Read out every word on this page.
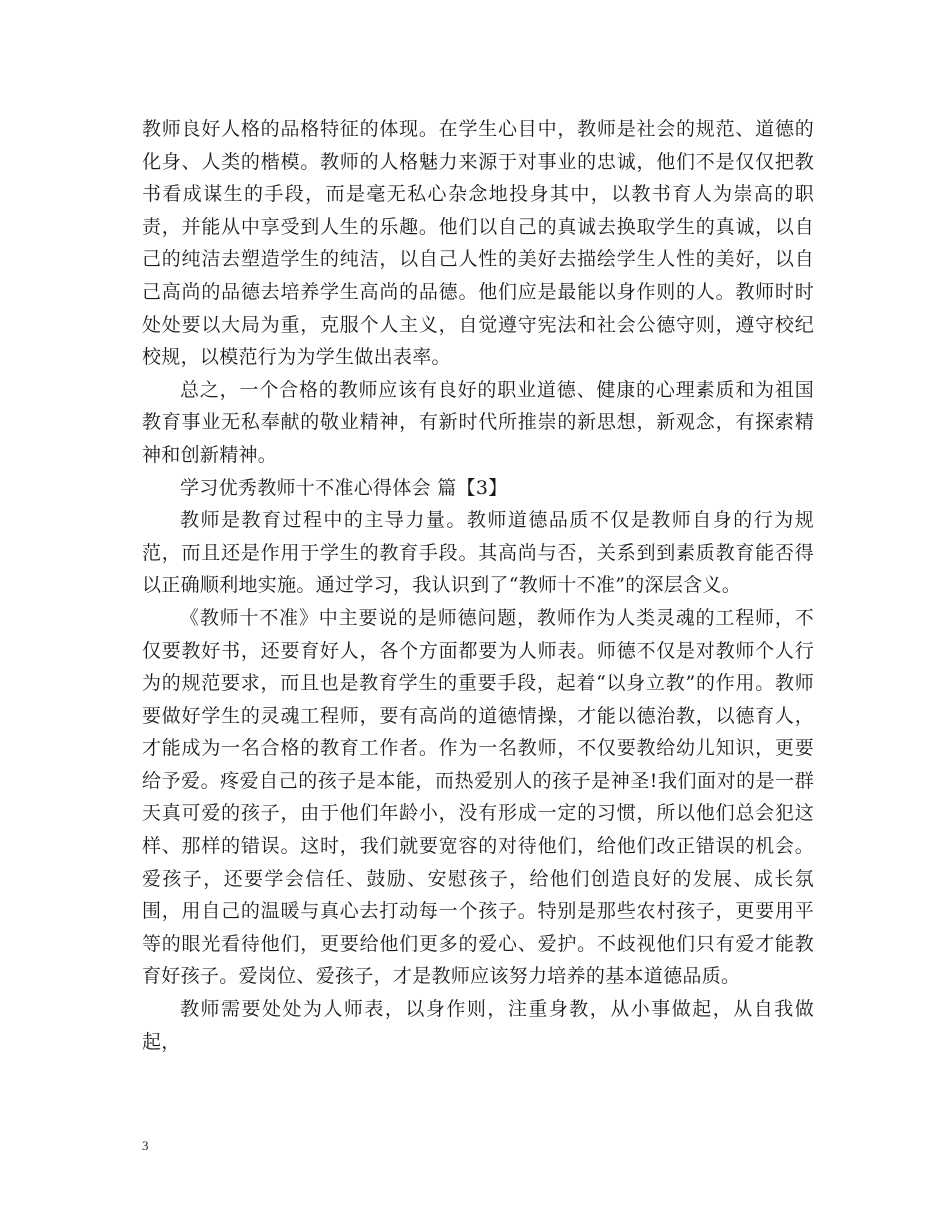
教师良好人格的品格特征的体现。在学生心目中，教师是社会的规范、道德的化身、人类的楷模。教师的人格魅力来源于对事业的忠诚，他们不是仅仅把教书看成谋生的手段，而是毫无私心杂念地投身其中，以教书育人为崇高的职责，并能从中享受到人生的乐趣。他们以自己的真诚去换取学生的真诚，以自己的纯洁去塑造学生的纯洁，以自己人性的美好去描绘学生人性的美好，以自己高尚的品德去培养学生高尚的品德。他们应是最能以身作则的人。教师时时处处要以大局为重，克服个人主义，自觉遵守宪法和社会公德守则，遵守校纪校规，以模范行为为学生做出表率。

总之，一个合格的教师应该有良好的职业道德、健康的心理素质和为祖国教育事业无私奉献的敬业精神，有新时代所推崇的新思想，新观念，有探索精神和创新精神。

学习优秀教师十不准心得体会 篇【3】

教师是教育过程中的主导力量。教师道德品质不仅是教师自身的行为规范，而且还是作用于学生的教育手段。其高尚与否，关系到到素质教育能否得以正确顺利地实施。通过学习，我认识到了“教师十不准”的深层含义。

《教师十不准》中主要说的是师德问题，教师作为人类灵魂的工程师，不仅要教好书，还要育好人，各个方面都要为人师表。师德不仅是对教师个人行为的规范要求，而且也是教育学生的重要手段，起着“以身立教”的作用。教师要做好学生的灵魂工程师，要有高尚的道德情操，才能以德治教，以德育人，才能成为一名合格的教育工作者。作为一名教师，不仅要教给幼儿知识，更要给予爱。疼爱自己的孩子是本能，而热爱别人的孩子是神圣!我们面对的是一群天真可爱的孩子，由于他们年龄小，没有形成一定的习惯，所以他们总会犯这样、那样的错误。这时，我们就要宽容的对待他们，给他们改正错误的机会。爱孩子，还要学会信任、鼓励、安慰孩子，给他们创造良好的发展、成长氛围，用自己的温暖与真心去打动每一个孩子。特别是那些农村孩子，更要用平等的眼光看待他们，更要给他们更多的爱心、爱护。不歧视他们只有爱才能教育好孩子。爱岗位、爱孩子，才是教师应该努力培养的基本道德品质。

教师需要处处为人师表，以身作则，注重身教，从小事做起，从自我做起，

3
